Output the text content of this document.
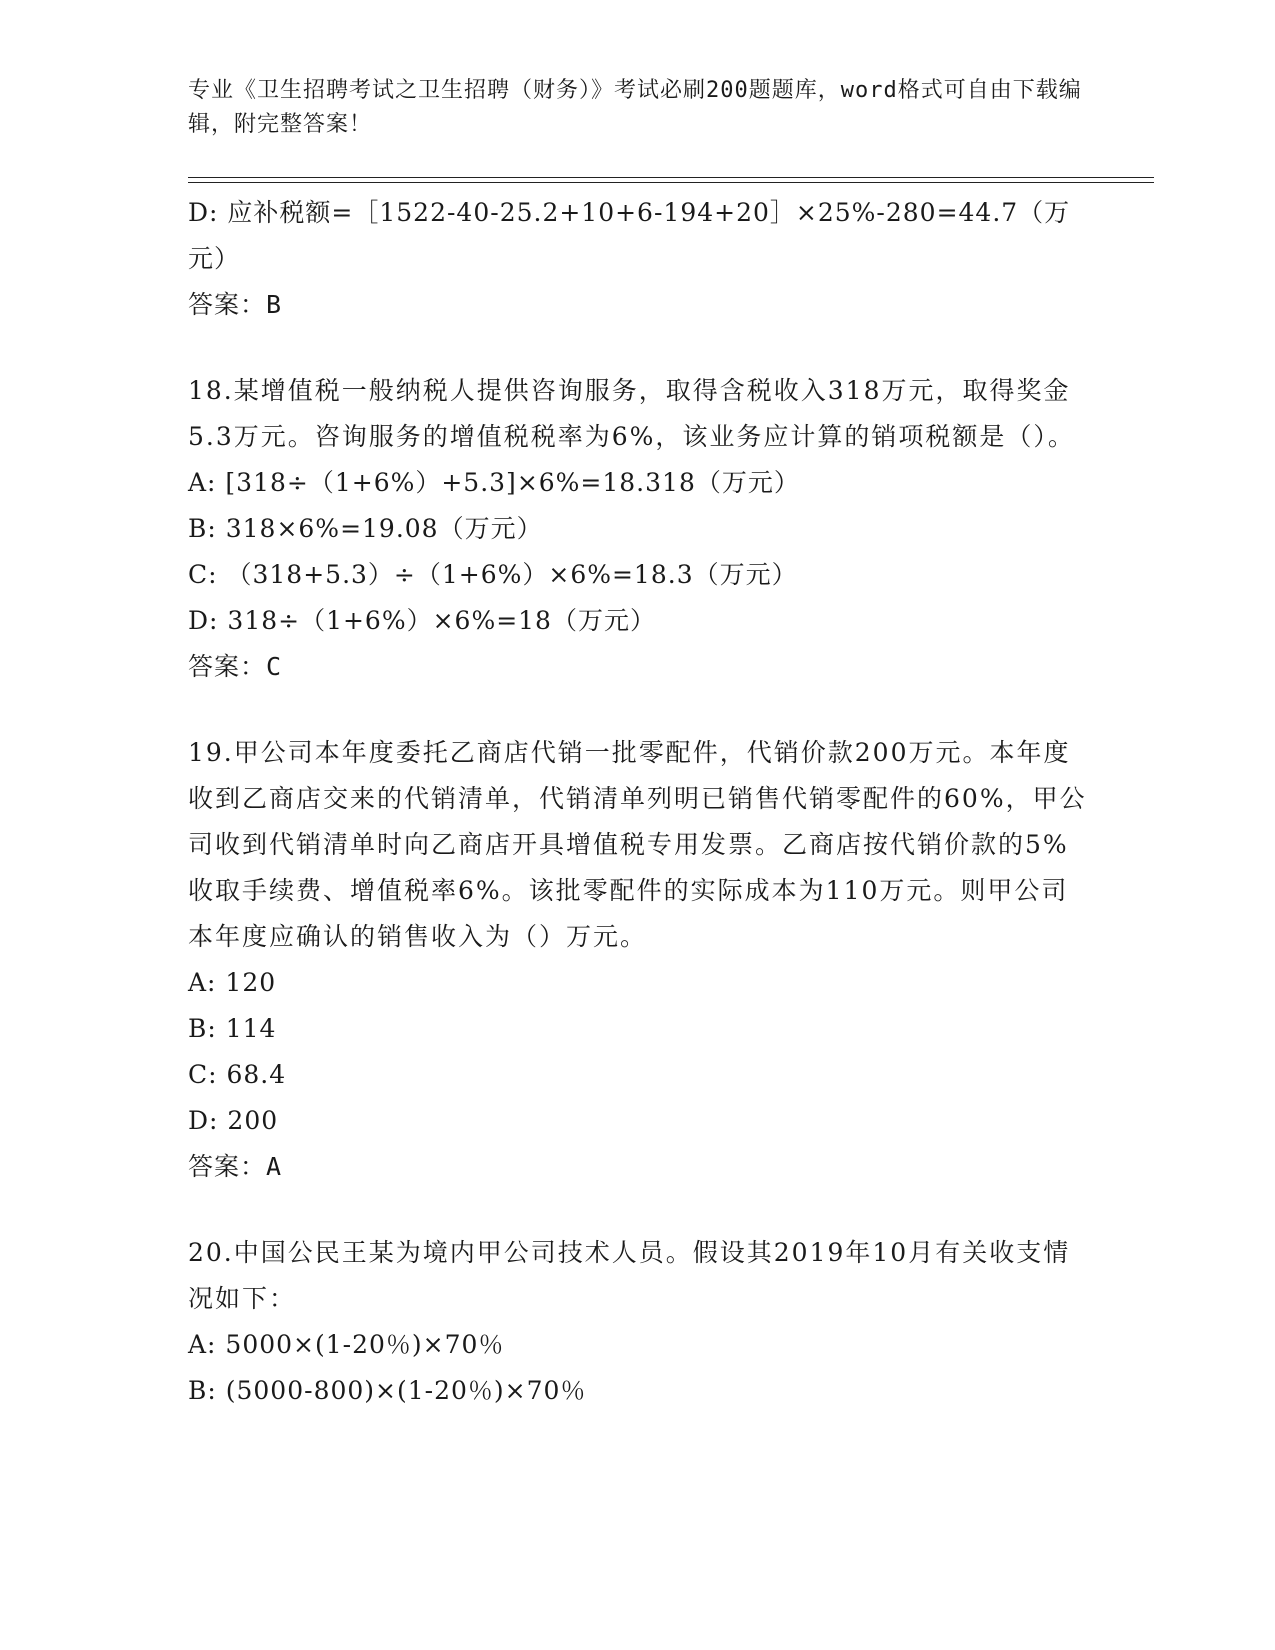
专业《卫生招聘考试之卫生招聘（财务）》考试必刷200题题库，word格式可自由下载编辑，附完整答案！

D: 应补税额=［1522-40-25.2+10+6-194+20］×25%-280=44.7（万元）

答案：B

18.某增值税一般纳税人提供咨询服务，取得含税收入318万元，取得奖金5.3万元。咨询服务的增值税税率为6%，该业务应计算的销项税额是（）。

A: [318÷（1+6%）+5.3]×6%=18.318（万元）

B: 318×6%=19.08（万元）

C: （318+5.3）÷（1+6%）×6%=18.3（万元）

D: 318÷（1+6%）×6%=18（万元）

答案：C

19.甲公司本年度委托乙商店代销一批零配件，代销价款200万元。本年度收到乙商店交来的代销清单，代销清单列明已销售代销零配件的60%，甲公司收到代销清单时向乙商店开具增值税专用发票。乙商店按代销价款的5%收取手续费、增值税率6%。该批零配件的实际成本为110万元。则甲公司本年度应确认的销售收入为（）万元。

A: 120

B: 114

C: 68.4

D: 200

答案：A

20.中国公民王某为境内甲公司技术人员。假设其2019年10月有关收支情况如下：

A: 5000×(1-20％)×70％

B: (5000-800)×(1-20％)×70％
